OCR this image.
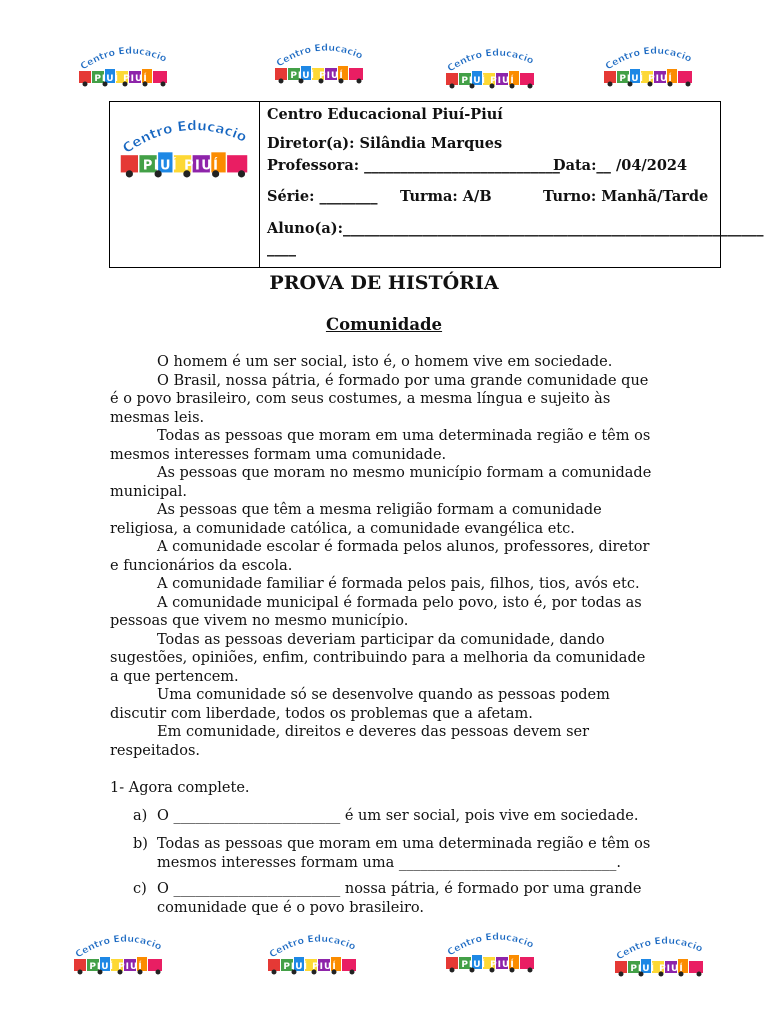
Centro Educacional Piuí-Piuí
Diretor(a): Silândia Marques
Professora: ___________________________
Data:__ /04/2024
Série: ________ Turma: A/B	Turno: Manhã/Tarde
Aluno(a):__________________________________________________________
____
PROVA DE HISTÓRIA
Comunidade

O homem é um ser social, isto é, o homem vive em sociedade.

O Brasil, nossa pátria, é formado por uma grande comunidade que é o povo brasileiro, com seus costumes, a mesma língua e sujeito às mesmas leis.

Todas as pessoas que moram em uma determinada região e têm os mesmos interesses formam uma comunidade.

As pessoas que moram no mesmo município formam a comunidade municipal.

As pessoas que têm a mesma religião formam a comunidade religiosa, a comunidade católica, a comunidade evangélica etc.

A comunidade escolar é formada pelos alunos, professores, diretor e funcionários da escola.

A comunidade familiar é formada pelos pais, filhos, tios, avós etc.

A comunidade municipal é formada pelo povo, isto é, por todas as pessoas que vivem no mesmo município.

Todas as pessoas deveriam participar da comunidade, dando sugestões, opiniões, enfim, contribuindo para a melhoria da comunidade a que pertencem.

Uma comunidade só se desenvolve quando as pessoas podem discutir com liberdade, todos os problemas que a afetam.

Em comunidade, direitos e deveres das pessoas devem ser respeitados.

1- Agora complete.
a) O _______________________ é um ser social, pois vive em sociedade.
b) Todas as pessoas que moram em uma determinada região e têm os mesmos interesses formam uma ______________________________.
c) O _______________________ nossa pátria, é formado por uma grande comunidade que é o povo brasileiro.
